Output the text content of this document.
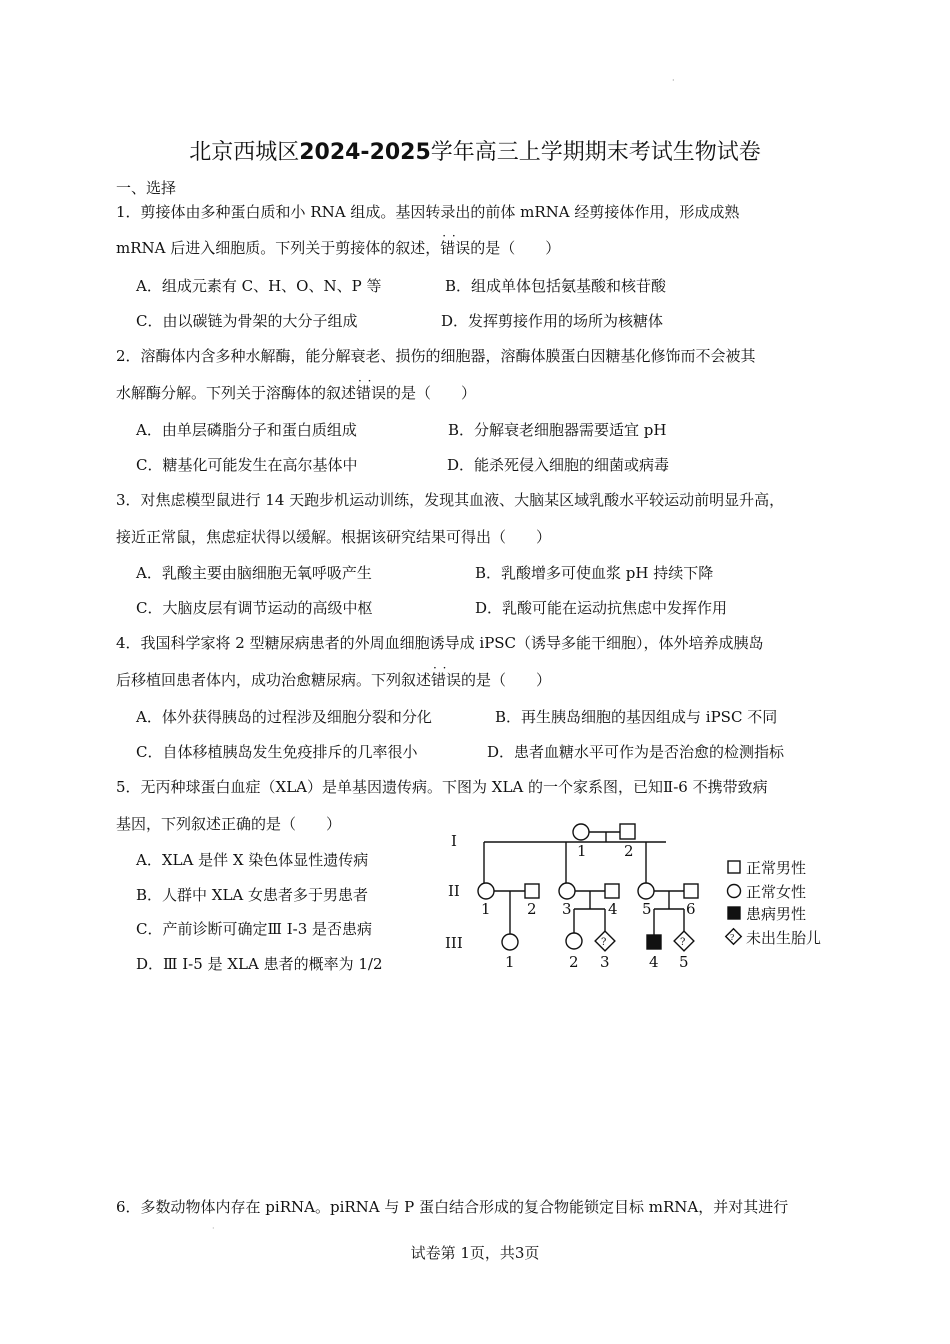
·
北京西城区2024-2025学年高三上学期期末考试生物试卷
一、选择
1．剪接体由多种蛋白质和小 RNA 组成。基因转录出的前体 mRNA 经剪接体作用，形成成熟
mRNA 后进入细胞质。下列关于剪接体的叙述，· · 错误的是（　　）
A．组成元素有 C、H、O、N、P 等	B．组成单体包括氨基酸和核苷酸
C．由以碳链为骨架的大分子组成	D．发挥剪接作用的场所为核糖体
2．溶酶体内含多种水解酶，能分解衰老、损伤的细胞器，溶酶体膜蛋白因糖基化修饰而不会被其
水解酶分解。下列关于溶酶体的叙述· · 错误的是（　　）
A．由单层磷脂分子和蛋白质组成	B．分解衰老细胞器需要适宜 pH
C．糖基化可能发生在高尔基体中	D．能杀死侵入细胞的细菌或病毒
3．对焦虑模型鼠进行 14 天跑步机运动训练，发现其血液、大脑某区域乳酸水平较运动前明显升高，
接近正常鼠，焦虑症状得以缓解。根据该研究结果可得出（　　）
A．乳酸主要由脑细胞无氧呼吸产生	B．乳酸增多可使血浆 pH 持续下降
C．大脑皮层有调节运动的高级中枢	D．乳酸可能在运动抗焦虑中发挥作用
4．我国科学家将 2 型糖尿病患者的外周血细胞诱导成 iPSC（诱导多能干细胞），体外培养成胰岛
后移植回患者体内，成功治愈糖尿病。下列叙述· · 错误的是（　　）
A．体外获得胰岛的过程涉及细胞分裂和分化	B．再生胰岛细胞的基因组成与 iPSC 不同
C．自体移植胰岛发生免疫排斥的几率很小	D．患者血糖水平可作为是否治愈的检测指标
5．无丙种球蛋白血症（XLA）是单基因遗传病。下图为 XLA 的一个家系图，已知Ⅱ-6 不携带致病
基因，下列叙述正确的是（　　）
A．XLA 是伴 X 染色体显性遗传病
B．人群中 XLA 女患者多于男患者
C．产前诊断可确定Ⅲ I-3 是否患病
D．Ⅲ I-5 是 XLA 患者的概率为 1/2
I
II
III
1 2
1 2 3 4 5 6
1	2 3	4 5
?	?	?
正常男性
正常女性
患病男性
未出生胎儿
6．多数动物体内存在 piRNA。piRNA 与 P 蛋白结合形成的复合物能锁定目标 mRNA，并对其进行
·
试卷第 1页，共3页
